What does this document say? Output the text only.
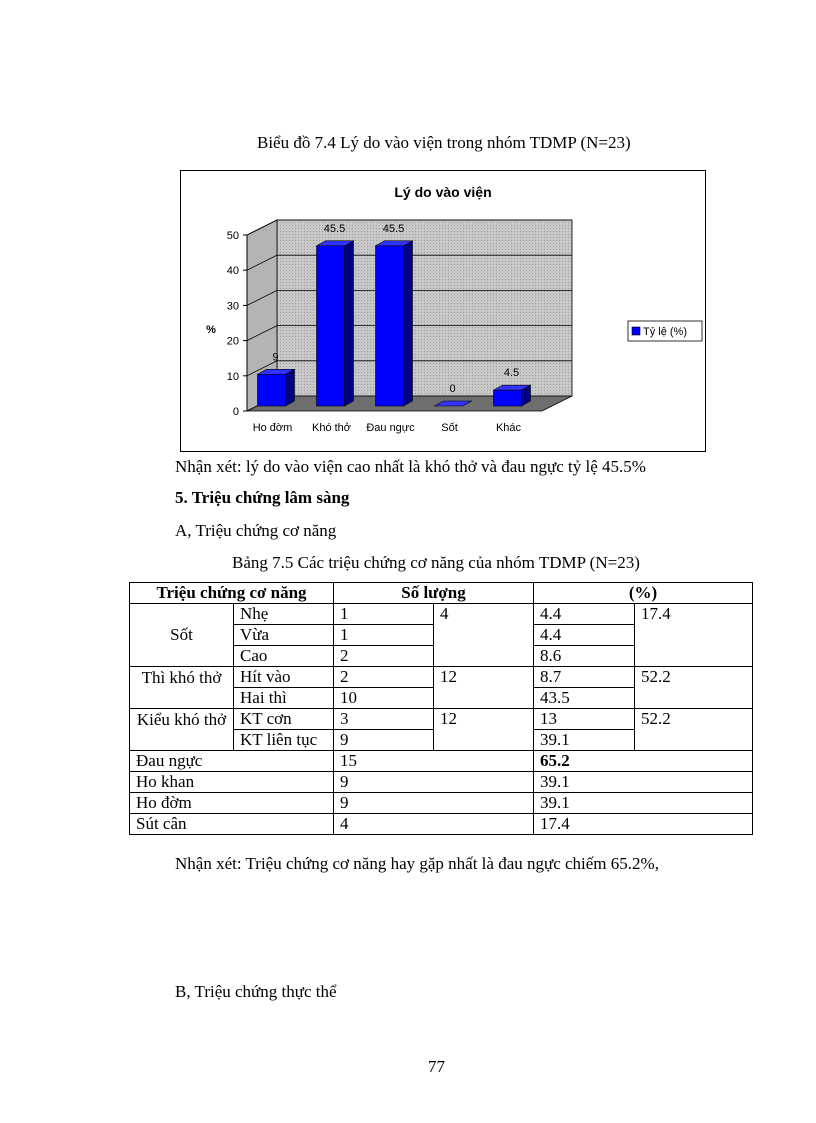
Biểu đồ 7.4 Lý do vào viện trong nhóm TDMP (N=23)
Lý do vào viện
0
10
20
30
40
50
%
9
Ho đờm
45.5
Khó thở
45.5
Đau ngực
0
Sốt
4.5
Khác
Tỷ lệ (%)
Nhận xét: lý do vào viện cao nhất là khó thở và đau ngực tỷ lệ 45.5%
5. Triệu chứng lâm sàng
A, Triệu chứng cơ năng
Bảng 7.5 Các triệu chứng cơ năng của nhóm TDMP (N=23)
Triệu chứng cơ năng		Số lượng		(%)	
Sốt	Nhẹ	1	4	4.4	17.4
	Vừa	1		4.4	
	Cao	2		8.6	
Thì khó thở	Hít vào	2	12	8.7	52.2
	Hai thì	10		43.5	
Kiểu khó thở	KT cơn	3	12	13	52.2
	KT liên tục	9		39.1	
Đau ngực		15		65.2	
Ho khan		9		39.1	
Ho đờm		9		39.1	
Sút cân		4		17.4	
Nhận xét: Triệu chứng cơ năng hay gặp nhất là đau ngực chiếm 65.2%,
B, Triệu chứng thực thể
77
